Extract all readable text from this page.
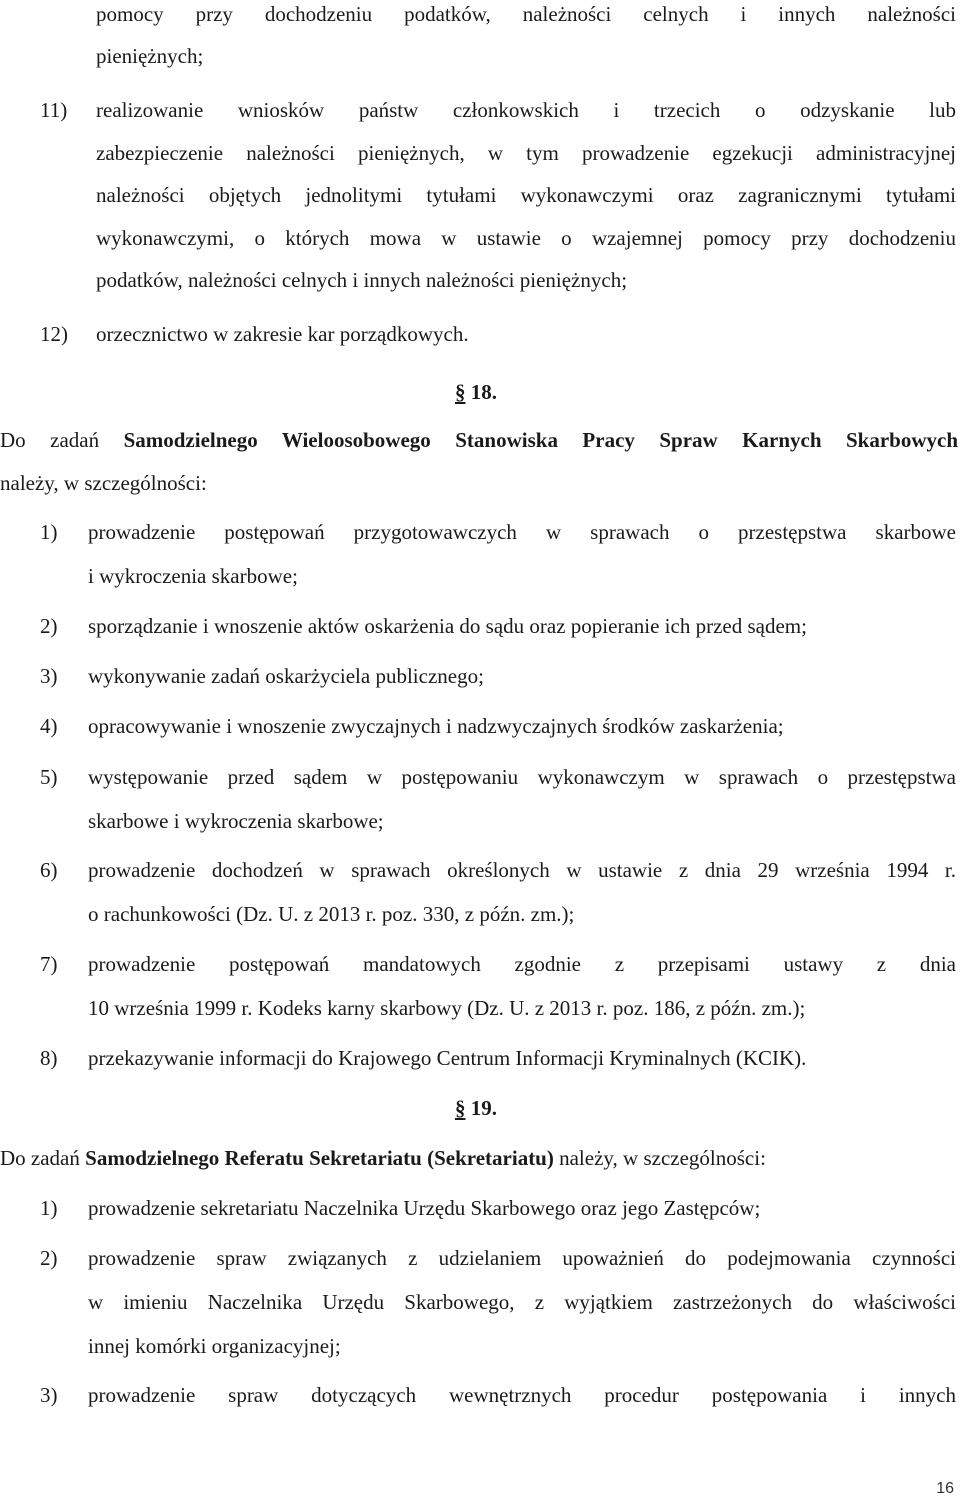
pomocy przy dochodzeniu podatków, należności celnych i innych należności
pieniężnych;
11) realizowanie wniosków państw członkowskich i trzecich o odzyskanie lub
zabezpieczenie należności pieniężnych, w tym prowadzenie egzekucji administracyjnej
należności objętych jednolitymi tytułami wykonawczymi oraz zagranicznymi tytułami
wykonawczymi, o których mowa w ustawie o wzajemnej pomocy przy dochodzeniu
podatków, należności celnych i innych należności pieniężnych;
12) orzecznictwo w zakresie kar porządkowych.
§ 18.
Do zadań Samodzielnego Wieloosobowego Stanowiska Pracy Spraw Karnych Skarbowych
należy, w szczególności:
1) prowadzenie postępowań przygotowawczych w sprawach o przestępstwa skarbowe
i wykroczenia skarbowe;
2) sporządzanie i wnoszenie aktów oskarżenia do sądu oraz popieranie ich przed sądem;
3) wykonywanie zadań oskarżyciela publicznego;
4) opracowywanie i wnoszenie zwyczajnych i nadzwyczajnych środków zaskarżenia;
5) występowanie przed sądem w postępowaniu wykonawczym w sprawach o przestępstwa
skarbowe i wykroczenia skarbowe;
6) prowadzenie dochodzeń w sprawach określonych w ustawie z dnia 29 września 1994 r.
o rachunkowości (Dz. U. z 2013 r. poz. 330, z późn. zm.);
7) prowadzenie postępowań mandatowych zgodnie z przepisami ustawy z dnia
10 września 1999 r. Kodeks karny skarbowy (Dz. U. z 2013 r. poz. 186, z późn. zm.);
8) przekazywanie informacji do Krajowego Centrum Informacji Kryminalnych (KCIK).
§ 19.
Do zadań Samodzielnego Referatu Sekretariatu (Sekretariatu) należy, w szczególności:
1) prowadzenie sekretariatu Naczelnika Urzędu Skarbowego oraz jego Zastępców;
2) prowadzenie spraw związanych z udzielaniem upoważnień do podejmowania czynności
w imieniu Naczelnika Urzędu Skarbowego, z wyjątkiem zastrzeżonych do właściwości
innej komórki organizacyjnej;
3) prowadzenie spraw dotyczących wewnętrznych procedur postępowania i innych
16
